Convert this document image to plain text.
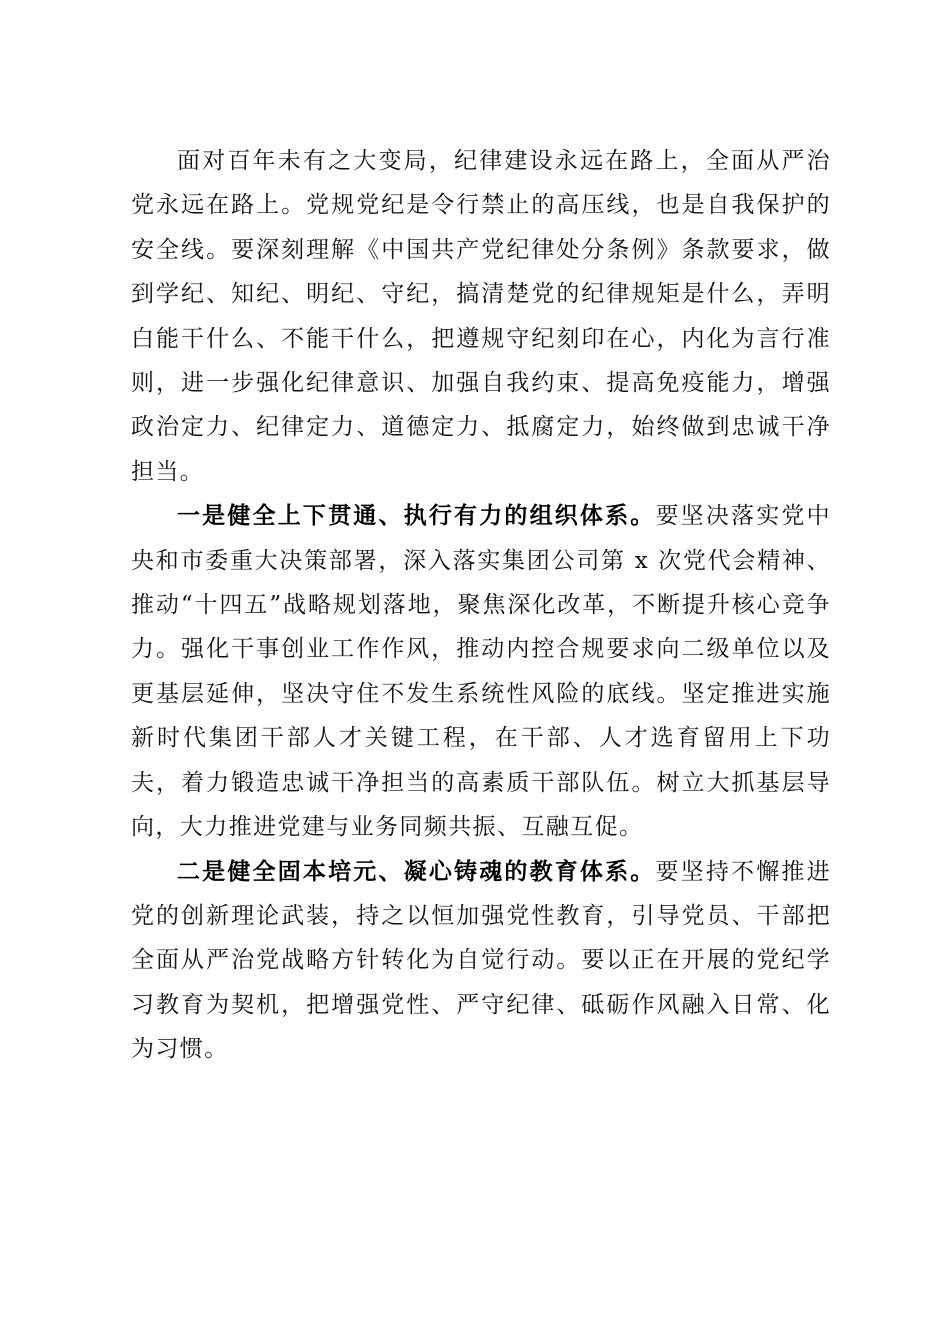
面对百年未有之大变局，纪律建设永远在路上，全面从严治党永远在路上。党规党纪是令行禁止的高压线，也是自我保护的安全线。要深刻理解《中国共产党纪律处分条例》条款要求，做到学纪、知纪、明纪、守纪，搞清楚党的纪律规矩是什么，弄明白能干什么、不能干什么，把遵规守纪刻印在心，内化为言行准则，进一步强化纪律意识、加强自我约束、提高免疫能力，增强政治定力、纪律定力、道德定力、抵腐定力，始终做到忠诚干净担当。

一是健全上下贯通、执行有力的组织体系。要坚决落实党中央和市委重大决策部署，深入落实集团公司第 x 次党代会精神、推动“十四五”战略规划落地，聚焦深化改革，不断提升核心竞争力。强化干事创业工作作风，推动内控合规要求向二级单位以及更基层延伸，坚决守住不发生系统性风险的底线。坚定推进实施新时代集团干部人才关键工程，在干部、人才选育留用上下功夫，着力锻造忠诚干净担当的高素质干部队伍。树立大抓基层导向，大力推进党建与业务同频共振、互融互促。

二是健全固本培元、凝心铸魂的教育体系。要坚持不懈推进党的创新理论武装，持之以恒加强党性教育，引导党员、干部把全面从严治党战略方针转化为自觉行动。要以正在开展的党纪学习教育为契机，把增强党性、严守纪律、砥砺作风融入日常、化为习惯。
